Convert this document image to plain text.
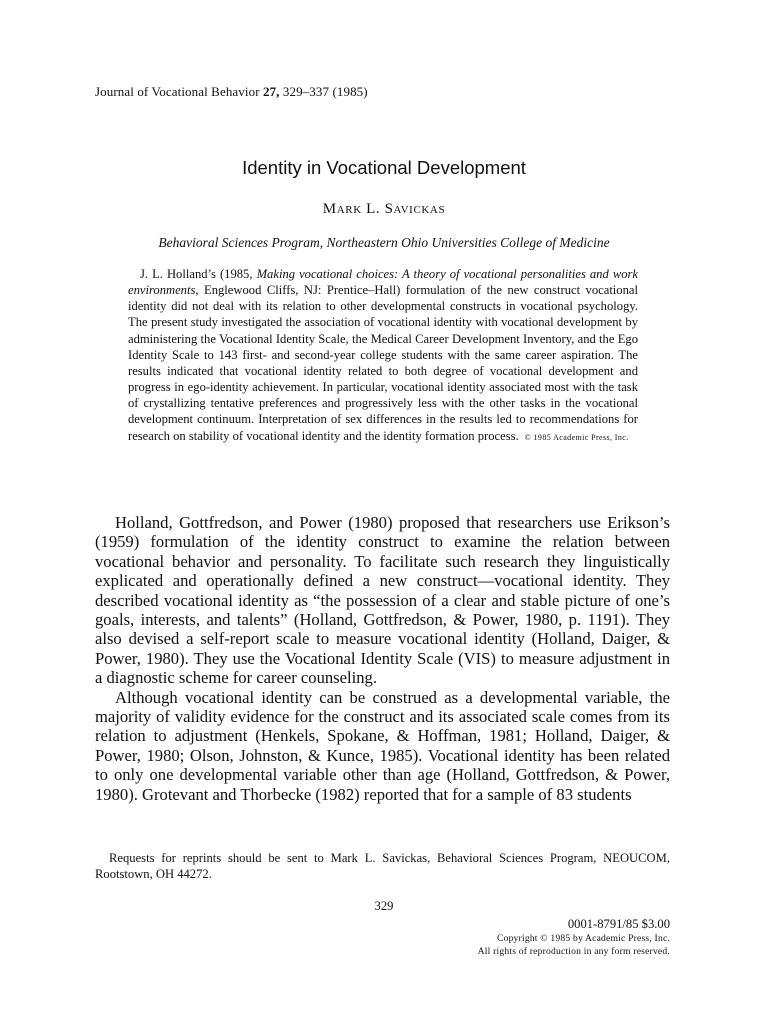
Journal of Vocational Behavior 27, 329–337 (1985)
Identity in Vocational Development
Mark L. Savickas
Behavioral Sciences Program, Northeastern Ohio Universities College of Medicine

J. L. Holland’s (1985, Making vocational choices: A theory of vocational personalities and work environments, Englewood Cliffs, NJ: Prentice–Hall) formulation of the new construct vocational identity did not deal with its relation to other developmental constructs in vocational psychology. The present study investigated the association of vocational identity with vocational development by administering the Vocational Identity Scale, the Medical Career Development Inventory, and the Ego Identity Scale to 143 first- and second-year college students with the same career aspiration. The results indicated that vocational identity related to both degree of vocational development and progress in ego-identity achievement. In particular, vocational identity associated most with the task of crystallizing tentative preferences and progressively less with the other tasks in the vocational development continuum. Interpretation of sex differences in the results led to recommendations for research on stability of vocational identity and the identity formation process. © 1985 Academic Press, Inc.

Holland, Gottfredson, and Power (1980) proposed that researchers use Erikson’s (1959) formulation of the identity construct to examine the relation between vocational behavior and personality. To facilitate such research they linguistically explicated and operationally defined a new construct—vocational identity. They described vocational identity as “the possession of a clear and stable picture of one’s goals, interests, and talents” (Holland, Gottfredson, & Power, 1980, p. 1191). They also devised a self-report scale to measure vocational identity (Holland, Daiger, & Power, 1980). They use the Vocational Identity Scale (VIS) to measure adjustment in a diagnostic scheme for career counseling.

Although vocational identity can be construed as a developmental variable, the majority of validity evidence for the construct and its associated scale comes from its relation to adjustment (Henkels, Spokane, & Hoffman, 1981; Holland, Daiger, & Power, 1980; Olson, Johnston, & Kunce, 1985). Vocational identity has been related to only one developmental variable other than age (Holland, Gottfredson, & Power, 1980). Grotevant and Thorbecke (1982) reported that for a sample of 83 students

Requests for reprints should be sent to Mark L. Savickas, Behavioral Sciences Program, NEOUCOM, Rootstown, OH 44272.

329
0001-8791/85 $3.00
Copyright © 1985 by Academic Press, Inc.
All rights of reproduction in any form reserved.
